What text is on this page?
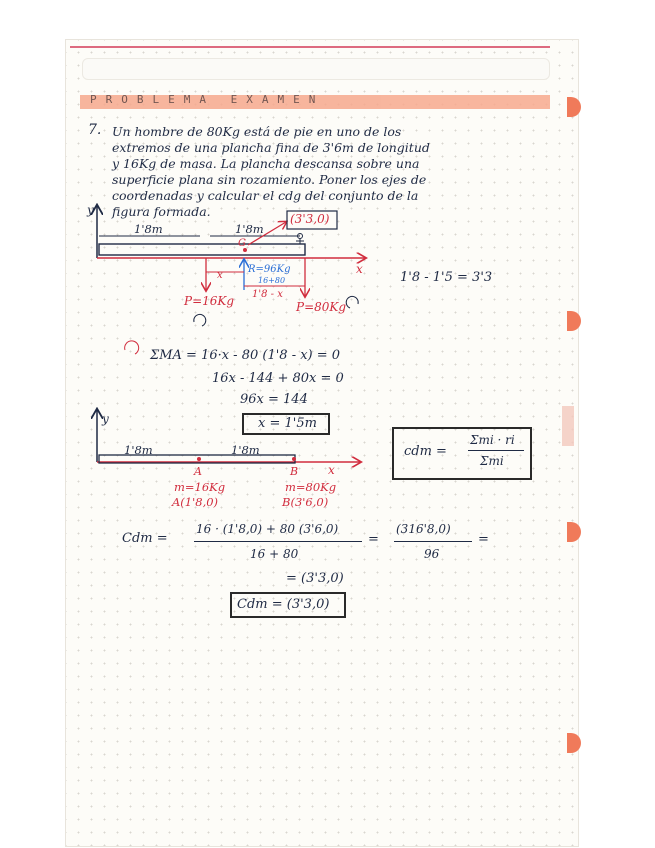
PROBLEMA EXAMEN
7. Un hombre de 80Kg está de pie en uno de los
extremos de una plancha fina de 3'6m de longitud
y 16Kg de masa. La plancha descansa sobre una
superficie plana sin rozamiento. Poner los ejes de
coordenadas y calcular el cdg del conjunto de la
figura formada.
y
x
1'8m	1'8m
G
(3'3,0)
x
R=96Kg
16+80
1'8 - x
P=16Kg	P=80Kg
1'8 - 1'5 = 3'3
ΣMA = 16·x - 80 (1'8 - x) = 0
16x - 144 + 80x = 0
96x = 144
x = 1'5m
y
x
1'8m	1'8m
A	B
m=16Kg
A(1'8,0)
m=80Kg
B(3'6,0)
cdm =
Σmi · ri
Σmi
Cdm =
16 · (1'8,0) + 80 (3'6,0)
16 + 80
=
(316'8,0)
96
=
= (3'3,0)
Cdm = (3'3,0)
